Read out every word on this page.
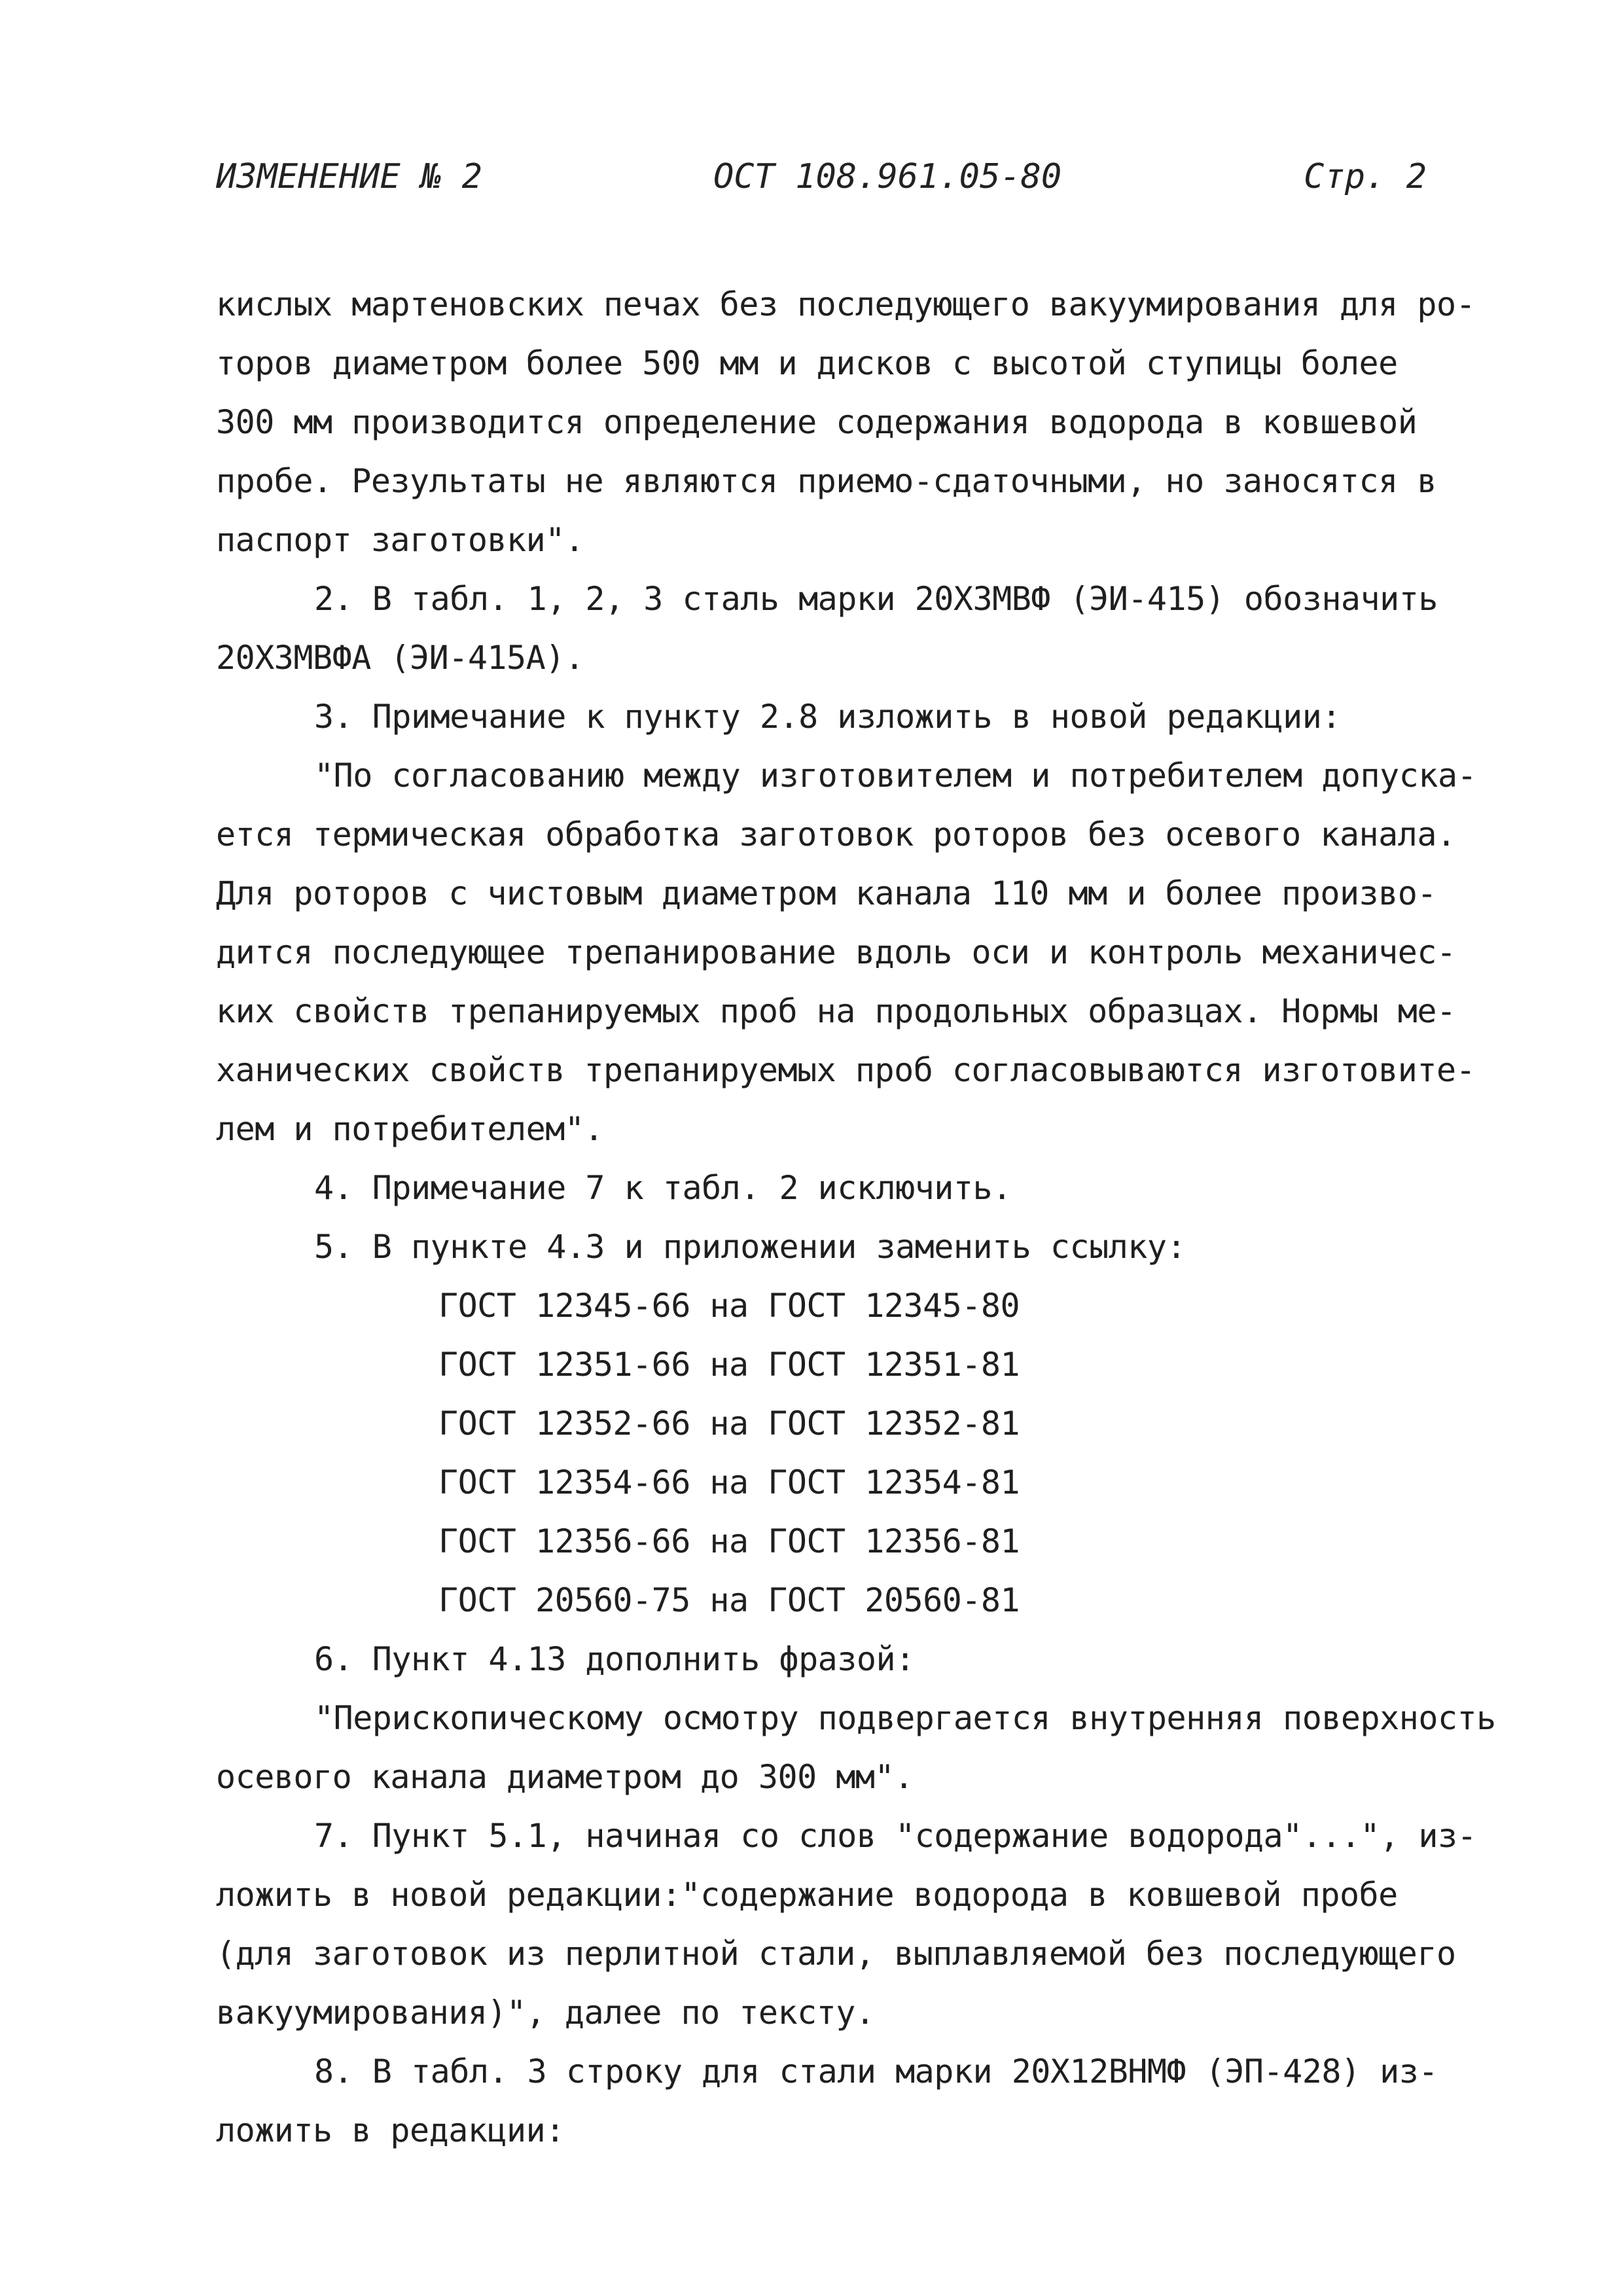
ИЗМЕНЕНИЕ № 2	ОСТ 108.961.05-80	Стр. 2
кислых мартеновских печах без последующего вакуумирования для ро-
торов диаметром более 500 мм и дисков с высотой ступицы более
300 мм производится определение содержания водорода в ковшевой
пробе. Результаты не являются приемо-сдаточными, но заносятся в
паспорт заготовки".
2. В табл. 1, 2, 3 сталь марки 20Х3МВФ (ЭИ-415) обозначить
20Х3МВФА (ЭИ-415А).
3. Примечание к пункту 2.8 изложить в новой редакции:
"По согласованию между изготовителем и потребителем допуска-
ется термическая обработка заготовок роторов без осевого канала.
Для роторов с чистовым диаметром канала 110 мм и более произво-
дится последующее трепанирование вдоль оси и контроль механичес-
ких свойств трепанируемых проб на продольных образцах. Нормы ме-
ханических свойств трепанируемых проб согласовываются изготовите-
лем и потребителем".
4. Примечание 7 к табл. 2 исключить.
5. В пункте 4.3 и приложении заменить ссылку:
ГОСТ 12345-66 на ГОСТ 12345-80
ГОСТ 12351-66 на ГОСТ 12351-81
ГОСТ 12352-66 на ГОСТ 12352-81
ГОСТ 12354-66 на ГОСТ 12354-81
ГОСТ 12356-66 на ГОСТ 12356-81
ГОСТ 20560-75 на ГОСТ 20560-81
6. Пункт 4.13 дополнить фразой:
"Перископическому осмотру подвергается внутренняя поверхность
осевого канала диаметром до 300 мм".
7. Пункт 5.1, начиная со слов "содержание водорода"...", из-
ложить в новой редакции:"содержание водорода в ковшевой пробе
(для заготовок из перлитной стали, выплавляемой без последующего
вакуумирования)", далее по тексту.
8. В табл. 3 строку для стали марки 20Х12ВНМФ (ЭП-428) из-
ложить в редакции:
